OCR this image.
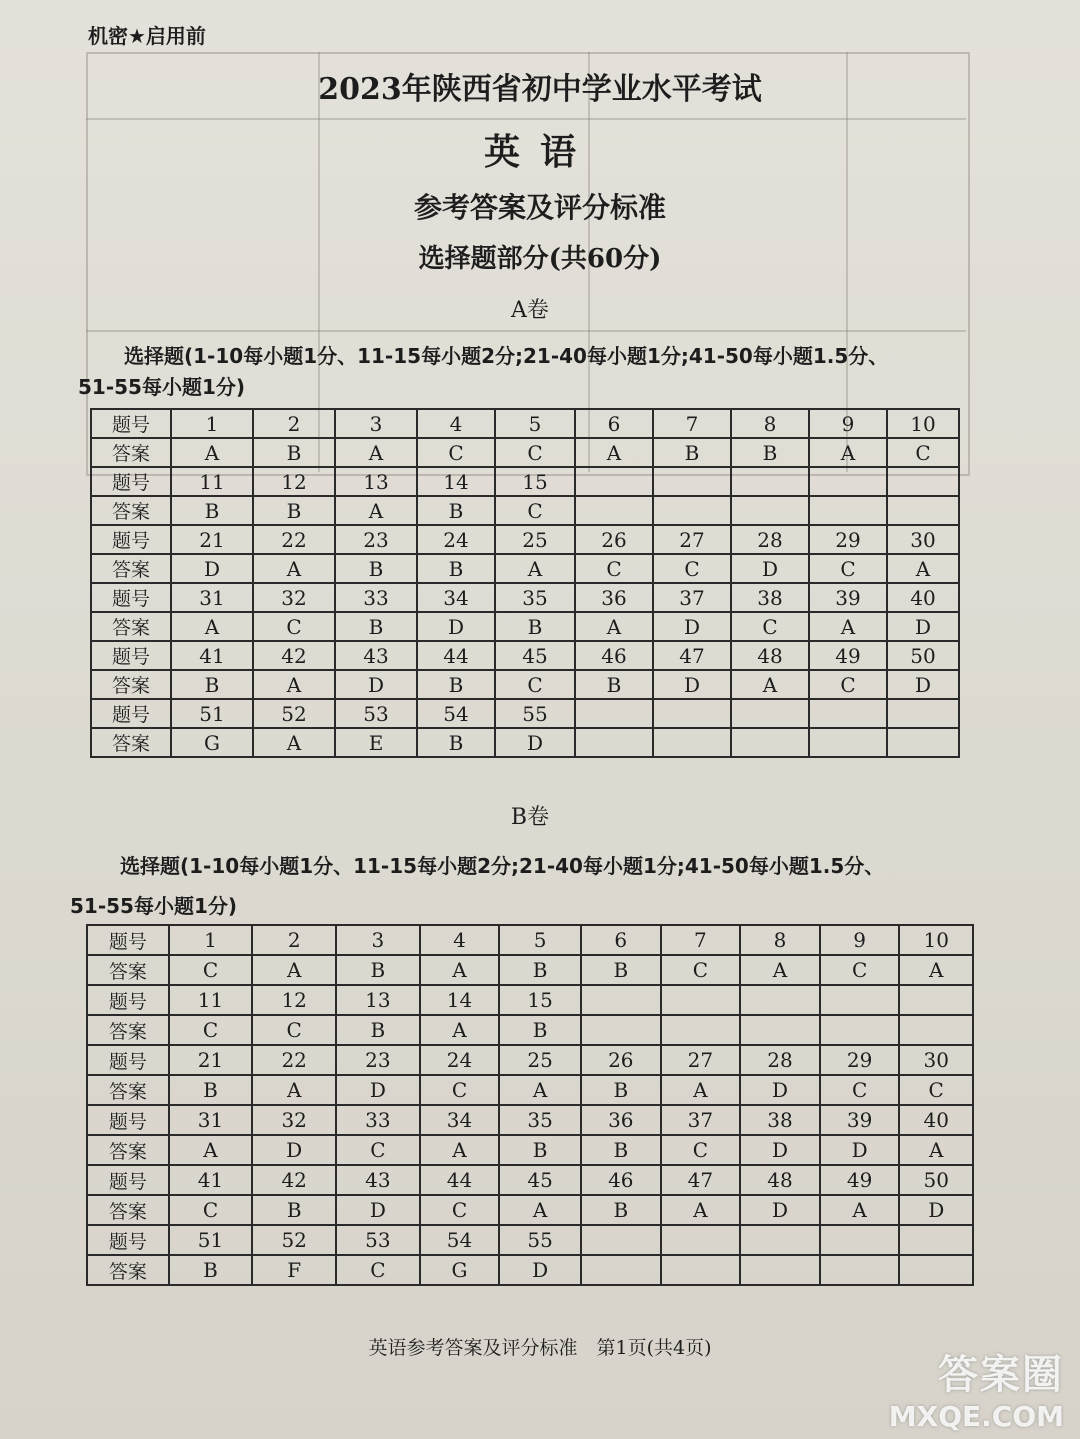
机密★启用前
2023年陕西省初中学业水平考试
英语
参考答案及评分标准
选择题部分(共60分)
A卷
选择题(1-10每小题1分、11-15每小题2分;21-40每小题1分;41-50每小题1.5分、
51-55每小题1分)
题号	1	2	3	4	5	6	7	8	9	10
答案	A	B	A	C	C	A	B	B	A	C
题号	11	12	13	14	15					
答案	B	B	A	B	C					
题号	21	22	23	24	25	26	27	28	29	30
答案	D	A	B	B	A	C	C	D	C	A
题号	31	32	33	34	35	36	37	38	39	40
答案	A	C	B	D	B	A	D	C	A	D
题号	41	42	43	44	45	46	47	48	49	50
答案	B	A	D	B	C	B	D	A	C	D
题号	51	52	53	54	55					
答案	G	A	E	B	D					
B卷
选择题(1-10每小题1分、11-15每小题2分;21-40每小题1分;41-50每小题1.5分、
51-55每小题1分)
题号	1	2	3	4	5	6	7	8	9	10
答案	C	A	B	A	B	B	C	A	C	A
题号	11	12	13	14	15					
答案	C	C	B	A	B					
题号	21	22	23	24	25	26	27	28	29	30
答案	B	A	D	C	A	B	A	D	C	C
题号	31	32	33	34	35	36	37	38	39	40
答案	A	D	C	A	B	B	C	D	D	A
题号	41	42	43	44	45	46	47	48	49	50
答案	C	B	D	C	A	B	A	D	A	D
题号	51	52	53	54	55					
答案	B	F	C	G	D					
英语参考答案及评分标准　第1页(共4页)
答案圈
MXQE.COM
